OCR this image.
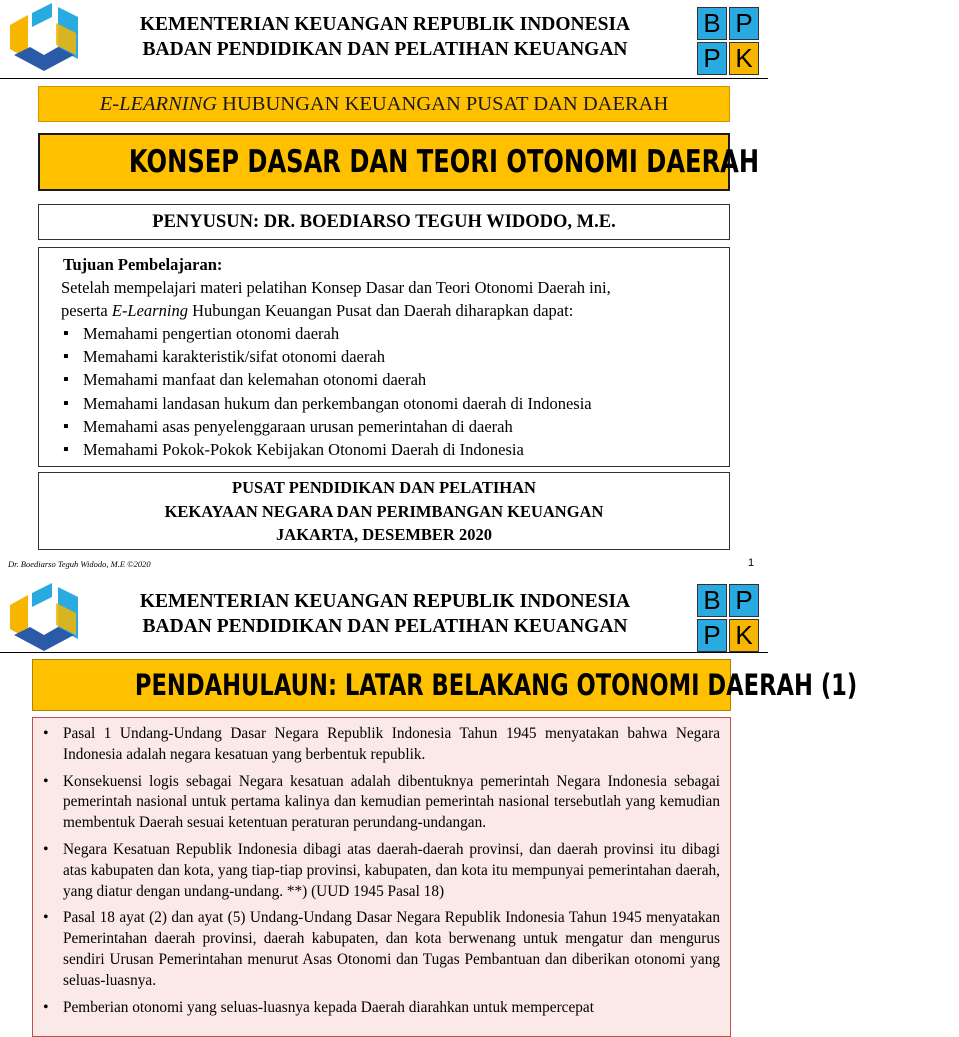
KEMENTERIAN KEUANGAN REPUBLIK INDONESIA
BADAN PENDIDIKAN DAN PELATIHAN KEUANGAN
B P
P K
E-LEARNING HUBUNGAN KEUANGAN PUSAT DAN DAERAH
KONSEP DASAR DAN TEORI OTONOMI DAERAH
PENYUSUN: DR. BOEDIARSO TEGUH WIDODO, M.E.
Tujuan Pembelajaran:
Setelah mempelajari materi pelatihan Konsep Dasar dan Teori Otonomi Daerah ini,
peserta E-Learning Hubungan Keuangan Pusat dan Daerah diharapkan dapat:
▪ Memahami pengertian otonomi daerah
▪ Memahami karakteristik/sifat otonomi daerah
▪ Memahami manfaat dan kelemahan otonomi daerah
▪ Memahami landasan hukum dan perkembangan otonomi daerah di Indonesia
▪ Memahami asas penyelenggaraan urusan pemerintahan di daerah
▪ Memahami Pokok-Pokok Kebijakan Otonomi Daerah di Indonesia
PUSAT PENDIDIKAN DAN PELATIHAN
KEKAYAAN NEGARA DAN PERIMBANGAN KEUANGAN
JAKARTA, DESEMBER 2020
Dr. Boediarso Teguh Widodo, M.E ©2020	1
KEMENTERIAN KEUANGAN REPUBLIK INDONESIA
BADAN PENDIDIKAN DAN PELATIHAN KEUANGAN
B P
P K
PENDAHULAUN: LATAR BELAKANG OTONOMI DAERAH (1)
• Pasal 1 Undang-Undang Dasar Negara Republik Indonesia Tahun 1945 menyatakan bahwa Negara Indonesia adalah negara kesatuan yang berbentuk republik.
• Konsekuensi logis sebagai Negara kesatuan adalah dibentuknya pemerintah Negara Indonesia sebagai pemerintah nasional untuk pertama kalinya dan kemudian pemerintah nasional tersebutlah yang kemudian membentuk Daerah sesuai ketentuan peraturan perundang-undangan.
• Negara Kesatuan Republik Indonesia dibagi atas daerah-daerah provinsi, dan daerah provinsi itu dibagi atas kabupaten dan kota, yang tiap-tiap provinsi, kabupaten, dan kota itu mempunyai pemerintahan daerah, yang diatur dengan undang-undang. **) (UUD 1945 Pasal 18)
• Pasal 18 ayat (2) dan ayat (5) Undang-Undang Dasar Negara Republik Indonesia Tahun 1945 menyatakan Pemerintahan daerah provinsi, daerah kabupaten, dan kota berwenang untuk mengatur dan mengurus sendiri Urusan Pemerintahan menurut Asas Otonomi dan Tugas Pembantuan dan diberikan otonomi yang seluas-luasnya.
• Pemberian otonomi yang seluas-luasnya kepada Daerah diarahkan untuk mempercepat
